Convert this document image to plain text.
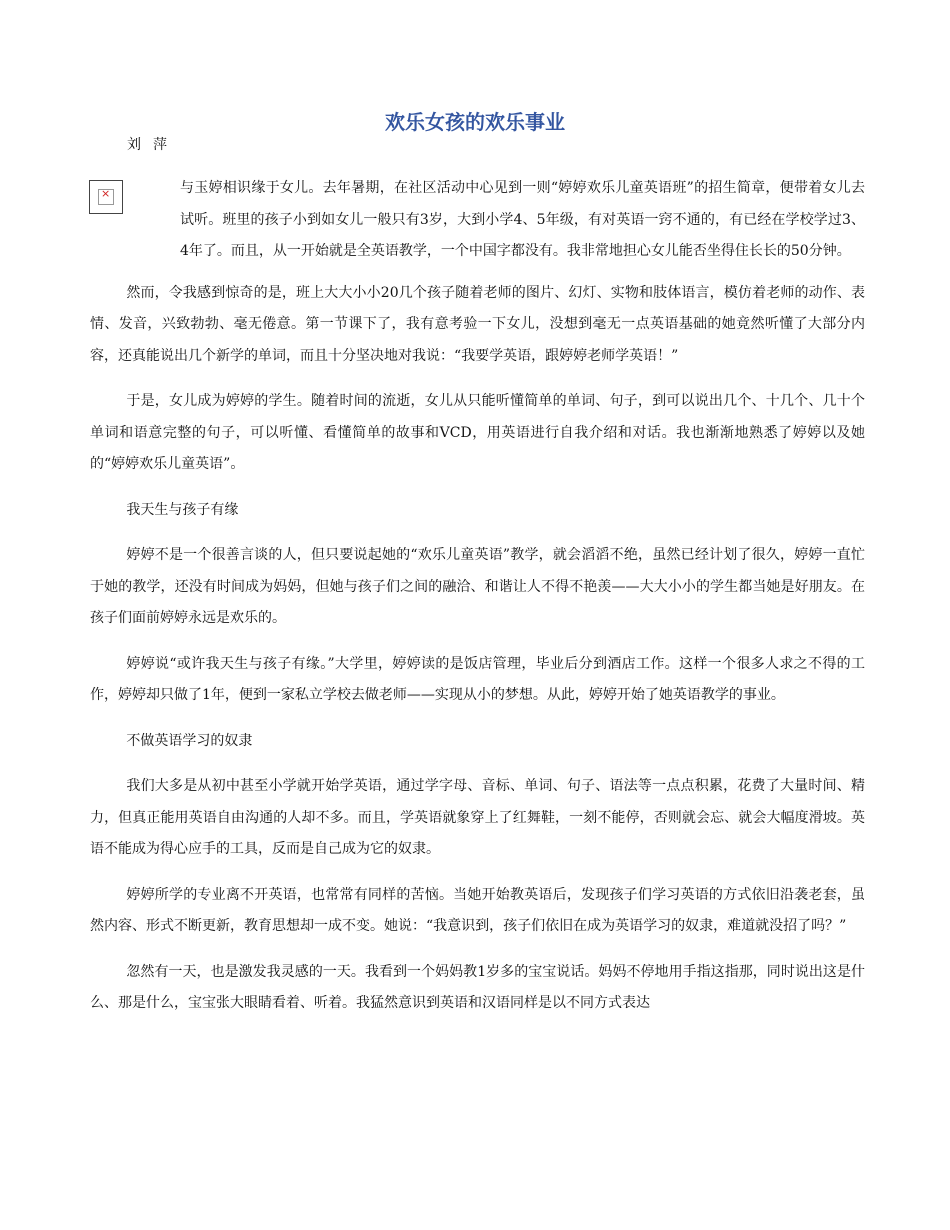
欢乐女孩的欢乐事业
刘萍
×	与玉婷相识缘于女儿。去年暑期，在社区活动中心见到一则“婷婷欢乐儿童英语班”的招生简章，便带着女儿去试听。班里的孩子小到如女儿一般只有3岁，大到小学4、5年级，有对英语一窍不通的，有已经在学校学过3、4年了。而且，从一开始就是全英语教学，一个中国字都没有。我非常地担心女儿能否坐得住长长的50分钟。

然而，令我感到惊奇的是，班上大大小小20几个孩子随着老师的图片、幻灯、实物和肢体语言，模仿着老师的动作、表情、发音，兴致勃勃、毫无倦意。第一节课下了，我有意考验一下女儿，没想到毫无一点英语基础的她竟然听懂了大部分内容，还真能说出几个新学的单词，而且十分坚决地对我说：“我要学英语，跟婷婷老师学英语！”

于是，女儿成为婷婷的学生。随着时间的流逝，女儿从只能听懂简单的单词、句子，到可以说出几个、十几个、几十个单词和语意完整的句子，可以听懂、看懂简单的故事和VCD，用英语进行自我介绍和对话。我也渐渐地熟悉了婷婷以及她的“婷婷欢乐儿童英语”。

我天生与孩子有缘

婷婷不是一个很善言谈的人，但只要说起她的“欢乐儿童英语”教学，就会滔滔不绝，虽然已经计划了很久，婷婷一直忙于她的教学，还没有时间成为妈妈，但她与孩子们之间的融洽、和谐让人不得不艳羡——大大小小的学生都当她是好朋友。在孩子们面前婷婷永远是欢乐的。

婷婷说“或许我天生与孩子有缘。”大学里，婷婷读的是饭店管理，毕业后分到酒店工作。这样一个很多人求之不得的工作，婷婷却只做了1年，便到一家私立学校去做老师——实现从小的梦想。从此，婷婷开始了她英语教学的事业。

不做英语学习的奴隶

我们大多是从初中甚至小学就开始学英语，通过学字母、音标、单词、句子、语法等一点点积累，花费了大量时间、精力，但真正能用英语自由沟通的人却不多。而且，学英语就象穿上了红舞鞋，一刻不能停，否则就会忘、就会大幅度滑坡。英语不能成为得心应手的工具，反而是自己成为它的奴隶。

婷婷所学的专业离不开英语，也常常有同样的苦恼。当她开始教英语后，发现孩子们学习英语的方式依旧沿袭老套，虽然内容、形式不断更新，教育思想却一成不变。她说：“我意识到，孩子们依旧在成为英语学习的奴隶，难道就没招了吗？”

忽然有一天，也是激发我灵感的一天。我看到一个妈妈教1岁多的宝宝说话。妈妈不停地用手指这指那，同时说出这是什么、那是什么，宝宝张大眼睛看着、听着。我猛然意识到英语和汉语同样是以不同方式表达
